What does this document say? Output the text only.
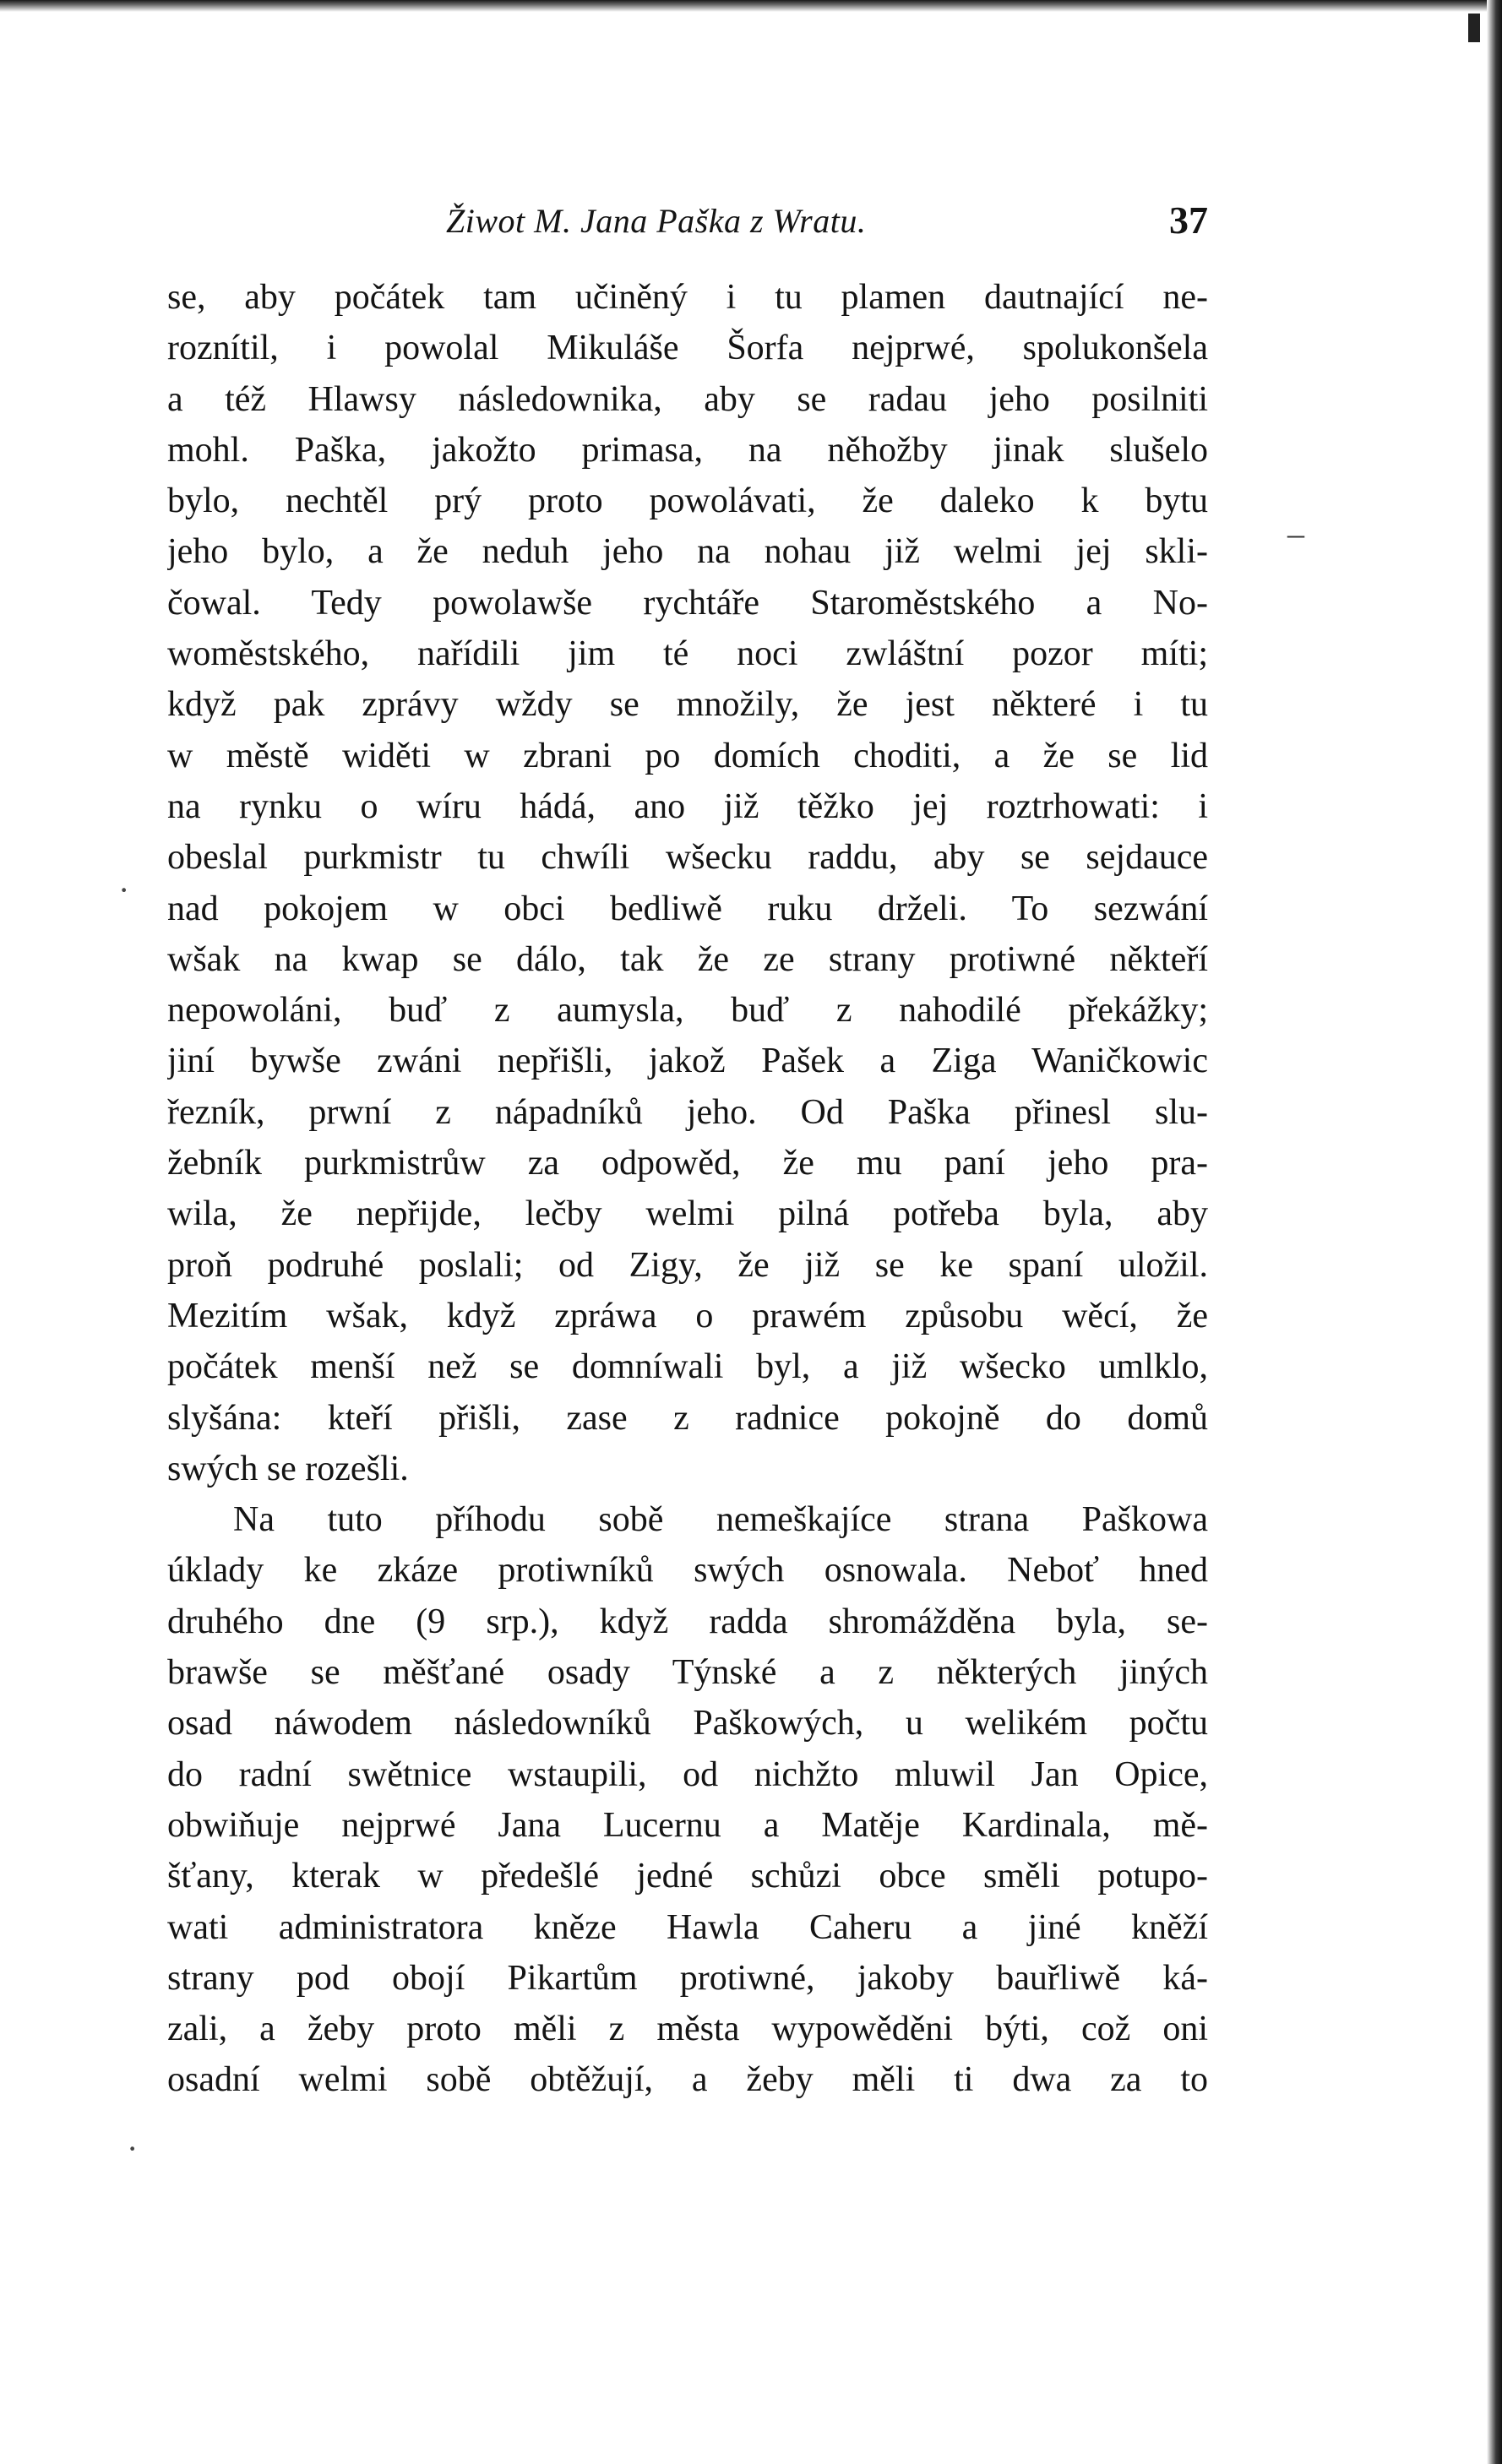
–
·
·
Žiwot M. Jana Paška z Wratu.	37
se, aby počátek tam učiněný i tu plamen dautnající ne-
roznítil, i powolal Mikuláše Šorfa nejprwé, spolukonšela
a též Hlawsy následownika, aby se radau jeho posilniti
mohl. Paška, jakožto primasa, na něhožby jinak slušelo
bylo, nechtěl prý proto powolávati, že daleko k bytu
jeho bylo, a že neduh jeho na nohau již welmi jej skli-
čowal. Tedy powolawše rychtáře Staroměstského a No-
woměstského, nařídili jim té noci zwláštní pozor míti;
když pak zprávy wždy se množily, že jest některé i tu
w městě widěti w zbrani po domích choditi, a že se lid
na rynku o wíru hádá, ano již těžko jej roztrhowati: i
obeslal purkmistr tu chwíli wšecku raddu, aby se sejdauce
nad pokojem w obci bedliwě ruku drželi. To sezwání
wšak na kwap se dálo, tak že ze strany protiwné někteří
nepowoláni, buď z aumysla, buď z nahodilé překážky;
jiní bywše zwáni nepřišli, jakož Pašek a Ziga Waničkowic
řezník, prwní z nápadníků jeho. Od Paška přinesl slu-
žebník purkmistrůw za odpowěd, že mu paní jeho pra-
wila, že nepřijde, lečby welmi pilná potřeba byla, aby
proň podruhé poslali; od Zigy, že již se ke spaní uložil.
Mezitím wšak, když zpráwa o prawém způsobu wěcí, že
počátek menší než se domníwali byl, a již wšecko umlklo,
slyšána: kteří přišli, zase z radnice pokojně do domů
swých se rozešli.
Na tuto příhodu sobě nemeškajíce strana Paškowa
úklady ke zkáze protiwníků swých osnowala. Neboť hned
druhého dne (9 srp.), když radda shromážděna byla, se-
brawše se měšťané osady Týnské a z některých jiných
osad náwodem následowníků Paškowých, u welikém počtu
do radní swětnice wstaupili, od nichžto mluwil Jan Opice,
obwiňuje nejprwé Jana Lucernu a Matěje Kardinala, mě-
šťany, kterak w předešlé jedné schůzi obce směli potupo-
wati administratora kněze Hawla Caheru a jiné kněží
strany pod obojí Pikartům protiwné, jakoby bauřliwě ká-
zali, a žeby proto měli z města wypowěděni býti, což oni
osadní welmi sobě obtěžují, a žeby měli ti dwa za to
